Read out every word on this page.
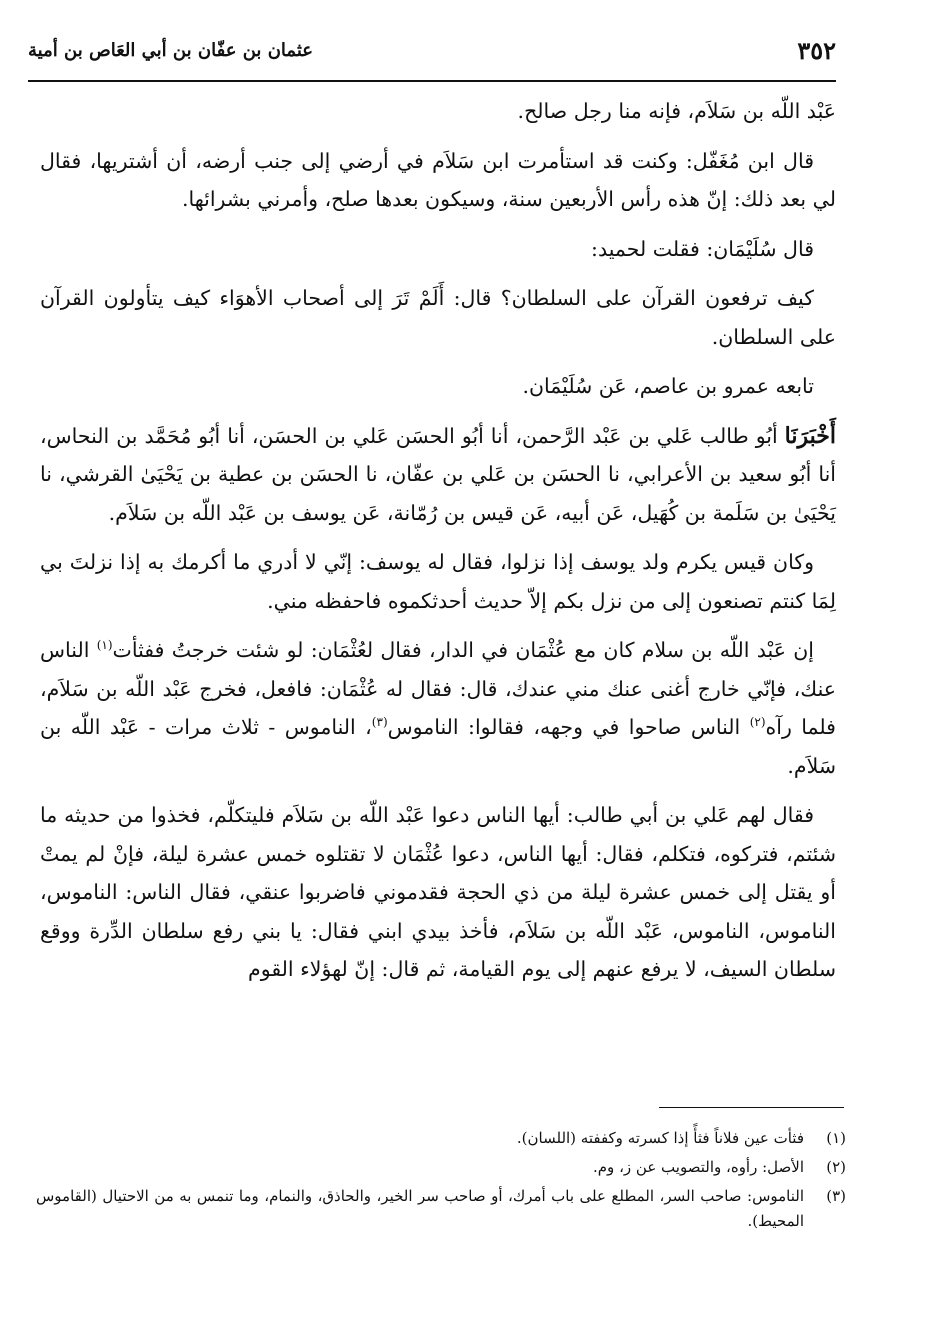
٣٥٢
عثمان بن عفّان بن أبي العَاص بن أمية

عَبْد اللّه بن سَلاَم، فإنه منا رجل صالح.

قال ابن مُغَفّل: وكنت قد استأمرت ابن سَلاَم في أرضي إلى جنب أرضه، أن أشتريها، فقال لي بعد ذلك: إنّ هذه رأس الأربعين سنة، وسيكون بعدها صلح، وأمرني بشرائها.

قال سُلَيْمَان: فقلت لحميد:

كيف ترفعون القرآن على السلطان؟ قال: أَلَمْ تَرَ إلى أصحاب الأهوَاء كيف يتأولون القرآن على السلطان.

تابعه عمرو بن عاصم، عَن سُلَيْمَان.

أَخْبَرَنَا أبُو طالب عَلي بن عَبْد الرَّحمن، أنا أبُو الحسَن عَلي بن الحسَن، أنا أبُو مُحَمَّد بن النحاس، أنا أبُو سعيد بن الأعرابي، نا الحسَن بن عَلي بن عفّان، نا الحسَن بن عطية بن يَحْيَىٰ القرشي، نا يَحْيَىٰ بن سَلَمة بن كُهَيل، عَن أبيه، عَن قيس بن رُمّانة، عَن يوسف بن عَبْد اللّه بن سَلاَم.

وكان قيس يكرم ولد يوسف إذا نزلوا، فقال له يوسف: إنّي لا أدري ما أكرمك به إذا نزلتَ بي لِمَا كنتم تصنعون إلى من نزل بكم إلاّ حديث أحدثكموه فاحفظه مني.

إن عَبْد اللّه بن سلام كان مع عُثْمَان في الدار، فقال لعُثْمَان: لو شئت خرجتُ ففثأت$^{(١)}$ الناس عنك، فإنّي خارج أغنى عنك مني عندك، قال: فقال له عُثْمَان: فافعل، فخرج عَبْد اللّه بن سَلاَم، فلما رآه$^{(٢)}$ الناس صاحوا في وجهه، فقالوا: الناموس$^{(٣)}$، الناموس - ثلاث مرات - عَبْد اللّه بن سَلاَم.

فقال لهم عَلي بن أبي طالب: أيها الناس دعوا عَبْد اللّه بن سَلاَم فليتكلّم، فخذوا من حديثه ما شئتم، فتركوه، فتكلم، فقال: أيها الناس، دعوا عُثْمَان لا تقتلوه خمس عشرة ليلة، فإنْ لم يمتْ أو يقتل إلى خمس عشرة ليلة من ذي الحجة فقدموني فاضربوا عنقي، فقال الناس: الناموس، الناموس، الناموس، عَبْد اللّه بن سَلاَم، فأخذ بيدي ابني فقال: يا بني رفع سلطان الدِّرة ووقع سلطان السيف، لا يرفع عنهم إلى يوم القيامة، ثم قال: إنّ لهؤلاء القوم

(١)
فثأت عين فلاناً فثأً إذا كسرته وكففته (اللسان).
(٢)
الأصل: رأوه، والتصويب عن ز، وم.
(٣)
الناموس: صاحب السر، المطلع على باب أمرك، أو صاحب سر الخير، والحاذق، والنمام، وما تنمس به من الاحتيال (القاموس المحيط).
